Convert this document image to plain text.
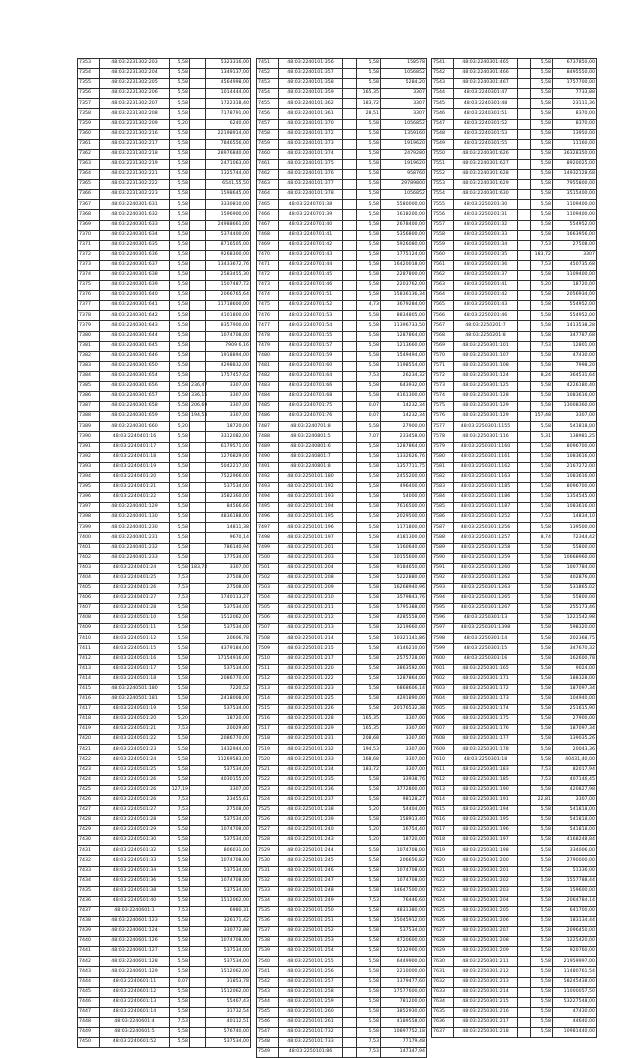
7353	48:03:2231302:203	5,58		5323316,00
7354	48:03:2231302:204	5,58		1349137,00
7355	48:03:2231302:205	5,58		4564998,00
7356	48:03:2231302:206	5,58		1014444,00
7357	48:03:2231302:207	5,58		1722318,40
7358	48:03:2231302:208	5,58		7178791,00
7359	48:03:2231302:209	5,20		6240,00
7360	48:03:2231302:216	5,58		22198914,00
7361	48:03:2231302:217	5,58		7846556,00
7362	48:03:2231302:218	5,58		28976840,00
7363	48:03:2231302:219	5,58		2471063,00
7364	48:03:2231302:221	5,58		1325744,00
7365	48:03:2231302:222	5,58		6541,55,50
7366	48:03:2231302:223	5,58		1598645,00
7367	48:03:2240301:631	5,58		3330810,00
7368	48:03:2240301:632	5,58		1596900,00
7369	48:03:2240301:633	5,58		24988661,00
7370	48:03:2240301:634	5,58		5374400,00
7371	48:03:2240301:635	5,58		8716505,00
7372	48:03:2240301:636	5,58		9268300,00
7373	48:03:2240301:637	5,58		13433672,76
7374	48:03:2240301:638	5,58		2583455,30
7375	48:03:2240301:639	5,58		1507487,72
7376	48:03:2240301:640	5,58		2066765,64
7377	48:03:2240301:641	5,58		11718600,00
7378	48:03:2240301:642	5,58		4101800,00
7379	48:03:2240301:643	5,58		8357900,00
7380	48:03:2240301:644	5,58		1074708,00
7381	48:03:2240301:645	5,58		7909 6,16
7382	48:03:2240301:646	5,58		1918894,00
7383	48:03:2240301:650	5,58		4298832,00
7384	48:03:2240301:654	5,58		1757457,62
7385	48:03:2240301:656	5,58	236,47	3307,00
7386	48:03:2240301:657	5,58	336,15	3307,00
7387	48:03:2240301:658	5,58	206,69	3307,00
7388	48:03:2240301:659	5,58	194,53	3307,00
7389	48:03:2240301:660	5,20		18720,00
7390	48:03:2240401:16	5,58		3312082,00
7391	48:03:2240401:17	5,58		6179571,00
7392	48:03:2240401:18	5,58		1276829,00
7393	48:03:2240401:19	5,58		5042217,00
7394	48:03:2240401:20	5,58		7522966,00
7395	48:03:2240401:21	5,58		537534,00
7396	48:03:2240401:22	5,58		3582360,00
7397	48:03:2240401:129	5,58		84566,66
7398	48:03:2240401:130	5,58		4836188,00
7399	48:03:2240401:230	5,58		14811,38
7400	48:03:2240401:231	5,58		9670,14
7401	48:03:2240401:232	5,58		786140,94
7402	48:03:2240401:233	5,58		177534,00
7403	48:03:2240401:24	5,58	183,72	3307,00
7404	48:03:2240401:25	7,53		27508,00
7405	48:03:2240401:26	7,53		27508,00
7406	48:03:2240401:27	7,53		1740113,27
7407	48:03:2240401:28	5,58		537534,00
7408	48:03:2240501:10	5,58		1512062,00
7409	48:03:2240501:11	5,58		537534,00
7410	48:03:2240501:12	5,58		20606,78
7411	48:03:2240501:15	5,58		4379184,00
7412	48:03:2240501:16	5,58		17154916,00
7413	48:03:2240501:17	5,58		537534,00
7414	48:03:2240501:18	5,58		2086770,00
7415	48:03:2240501:180	5,58		7220,52
7416	48:03:2240501:181	5,58		2418008,00
7417	48:03:2240501:19	5,58		537534,00
7418	48:03:2240501:20	5,20		18720,00
7419	48:03:2240501:21	7,53		20029,80
7420	48:03:2240501:22	5,58		2086770,00
7421	48:03:2240501:23	5,58		1432944,00
7422	48:03:2240501:24	5,58		11269583,00
7423	48:03:2240501:25	5,58		537534,00
7424	48:03:2240501:26	5,58		4030155,00
7425	48:03:2240501:26	127,19		3307,00
7426	48:03:2240501:26	7,53		23455,61
7427	48:03:2240501:27	7,53		27508,00
7428	48:03:2240501:28	5,58		537534,00
7429	48:03:2240501:29	5,58		1074708,00
7430	48:03:2240501:30	5,58		537534,00
7431	48:03:2240501:32	5,58		806031,00
7432	48:03:2240501:33	5,58		1074708,00
7433	48:03:2240501:34	5,58		537534,00
7434	48:03:2240501:36	5,58		1074708,00
7435	48:03:2240501:38	5,58		537534,00
7436	48:03:2240501:40	5,58		1512062,00
7437	48:03:2240601:1	7,53		6980,31
7438	48:03:2240601:123	5,58		326171,42
7439	48:03:2240601:124	5,58		330772,88
7440	48:03:2240601:126	5,58		1074708,00
7441	48:03:2240601:127	5,58		537534,00
7442	48:03:2240601:128	5,58		537534,00
7443	48:03:2240601:129	5,58		1512062,00
7444	48:03:2240601:11	0,07		31853,78
7445	48:03:2240601:12	5,58		1512062,00
7446	48:03:2240601:13	5,58		55467,43
7447	48:03:2240601:14	5,58		31732,54
7448	48:03:2240601:4	7,53		40112,51
7449	48:03:2240601:5	5,58		576740,00
7450	48:03:2240601:52	5,58		537534,00
7451	48:03:2240101:356		5,58	158578
7452	48:03:2240101:357		5,58	1056852
7453	48:03:2240101:358		5,58	5284,20
7454	48:03:2240101:359		165,35	3307
7455	48:03:2240101:362		183,72	3307
7456	48:03:2240101:361		28,51	3307
7457	48:03:2240101:370		5,58	1056852
7458	48:03:2240101:372		5,58	1359160
7459	48:03:2240101:373		5,58	1919620
7460	48:03:2240101:374		5,58	2479280
7461	48:03:2240101:375		5,58	1919620
7462	48:03:2240101:376		5,58	958760
7463	48:03:2240101:377		5,58	29789800
7464	48:03:2240101:378		5,58	1056852
7465	48:03:2240701:38		5,58	5580000,00
7466	48:03:2240701:39		5,58	1618200,00
7467	48:03:2240701:40		5,58	2678400,00
7468	48:03:2240701:41		5,58	5356800,00
7469	48:03:2240701:42		5,58	5926080,00
7470	48:03:2240701:43		5,58	1775124,00
7471	48:03:2240701:44		5,58	16420018,00
7472	48:03:2240701:45		5,58	2287800,00
7473	48:03:2240701:46		5,58	2203762,00
7474	48:03:2240701:51		5,58	15836136,34
7475	48:03:2240701:52		4,73	3679284,00
7476	48:03:2240701:53		5,58	8834805,00
7477	48:03:2240701:54		5,58	11396733,50
7478	48:03:2240701:55		5,58	1287864,00
7479	48:03:2240701:57		5,58	1213660,00
7480	48:03:2240701:59		5,58	1549494,00
7481	48:03:2240701:60		5,58	1198554,00
7482	48:03:2240701:64		7,53	26234,32
7483	48:03:2240701:66		5,58	643932,00
7484	48:03:2240701:68		5,58	4161300,00
7485	48:03:2240701:75		0,07	14232,34
7486	48:03:2240701:76		0,07	14232,34
7487	48:03:2240701:8		5,58	27900,00
7488	48:03:2240801:5		7,07	233458,00
7489	48:03:2240801:6		5,58	1287864,00
7490	48:03:2240801:7		5,58	1332626,76
7491	48:03:2240801:8		5,58	1357711,75
7492	48:03:2250101:180		5,58	2455200,00
7493	48:03:2250101:192		5,58	496400,00
7494	48:03:2250101:193		5,58	54000,00
7495	48:03:2250101:194		5,58	7616500,00
7496	48:03:2250101:195		5,58	2029500,00
7497	48:03:2250101:196		5,58	1171800,00
7498	48:03:2250101:197		5,58	4181300,00
7499	48:03:2250101:201		5,58	1160640,00
7500	48:03:2250101:203		5,58	10155600,00
7501	48:03:2250101:204		5,58	9184650,00
7502	48:03:2250101:208		5,58	5222880,00
7503	48:03:2250101:209		5,58	16268940,96
7504	48:03:2250101:210		5,58	3579843,76
7505	48:03:2250101:211		5,58	5795388,00
7506	48:03:2250101:212		5,58	4285558,00
7507	48:03:2250101:213		5,58	3219660,00
7508	48:03:2250101:214		5,58	10321141,86
7509	48:03:2250101:215		5,58	4146210,00
7510	48:03:2250101:217		5,58	2575728,00
7511	48:03:2250101:220		5,58	3863592,00
7512	48:03:2250101:222		5,58	1287864,00
7513	48:03:2250101:223		5,58	6868606,14
7514	48:03:2250101:225		5,58	4291890,00
7515	48:03:2250101:226		5,58	20176532,38
7516	48:03:2250101:228		165,35	3307,00
7517	48:03:2250101:229		165,35	3307,00
7518	48:03:2250101:231		208,68	3307,00
7519	48:03:2250101:232		194,53	3307,00
7520	48:03:2250101:233		168,68	3307,00
7521	48:03:2250101:234		183,72	3307,00
7522	48:03:2250101:235		5,58	33938,76
7523	48:03:2250101:236		5,58	3772800,00
7524	48:03:2250101:237		5,58	98128,27
7525	48:03:2250101:238		5,20	54404,00
7526	48:03:2250101:239		5,58	158913,40
7527	48:03:2250101:240		5,20	16754,40
7528	48:03:2250101:243		5,20	18720,00
7529	48:03:2250101:244		5,58	1074708,00
7530	48:03:2250101:245		5,58	206656,82
7531	48:03:2250101:246		5,58	1074708,00
7532	48:03:2250101:247		5,58	1074708,00
7533	48:03:2250101:248		5,58	14647500,00
7534	48:03:2250101:249		7,53	76446,60
7535	48:03:2250101:250		5,58	4831380,00
7536	48:03:2250101:251		5,58	15045912,00
7537	48:03:2250101:252		5,58	537534,00
7538	48:03:2250101:253		5,58	4720600,00
7539	48:03:2250101:254		5,58	5232900,00
7540	48:03:2250101:255		5,58	6449900,00
7541	48:03:2250101:256		5,58	2210000,00
7542	48:03:2250101:257		5,58	1379477,60
7543	48:03:2250101:258		5,58	17577600,00
7544	48:03:2250101:259		5,58	781200,00
7545	48:03:2250101:260		5,58	3852930,00
7546	48:03:2250101:261		5,58	4189558,00
7547	48:03:2250101:732		5,58	10897752,18
7548	48:03:2250101:733		7,53	77179,48
7549	48:03:2250101:86		7,53	147347,94
7541	48:03:2240301:465		5,58	6737850,00
7542	48:03:2240301:466		5,58	8495550,00
7543	48:03:2240301:467		5,58	1757700,00
7544	48:03:2240301:47		5,58	7733,88
7545	48:03:2240301:48		5,58	23111,36
7546	48:03:2240301:51		5,58	8370,00
7547	48:03:2240301:52		5,58	8370,00
7548	48:03:2240301:53		5,58	13950,00
7549	48:03:2240301:55		5,58	11160,00
7550	48:03:2240301:626		5,58	36328350,00
7551	48:03:2240301:627		5,58	8920025,00
7552	48:03:2240301:628		5,58	14932128,68
7553	48:03:2240301:629		5,58	7955800,00
7554	48:03:2240301:630		5,58	3515400,00
7555	48:03:2250201:30		5,58	1109400,00
7556	48:03:2250201:31		5,58	1109400,00
7557	48:03:2250201:32		5,58	554952,00
7558	48:03:2250201:33		5,58	1663956,00
7559	48:03:2250201:34		7,53	27508,00
7560	48:03:2250201:35		183,72	3307
7561	48:03:2250201:36		7,53	450735,68
7562	48:03:2250201:37		5,58	1109400,00
7563	48:03:2250201:41		5,20	18720,00
7564	48:03:2250201:42		5,58	2056934,00
7565	48:03:2250201:43		5,58	554952,00
7566	48:03:2250201:46		5,58	554952,00
7567	48:03:2250201:7		5,58	1413538,28
7568	48:03:2250201:8		5,58	347787,68
7569	48:03:2250301:101		7,53	12801,00
7570	48:03:2250301:107		5,58	47430,00
7571	48:03:2250301:108		5,58	7998,20
7572	48:03:2250301:124		8,24	364531,64
7573	48:03:2250301:125		5,58	4226180,40
7574	48:03:2250301:128		5,58	1083616,00
7575	48:03:2250301:129		5,58	13008360,00
7576	48:03:2250301:129		157,48	3307,00
7577	48:03:2250301:1155		5,58	541818,00
7578	48:03:2250301:116		5,31	138981,25
7579	48:03:2250301:1160		5,58	8096700,00
7580	48:03:2250301:1161		5,58	1083616,00
7581	48:03:2250301:1162		5,58	2167272,00
7582	48:03:2250301:1163		5,58	1083616,00
7583	48:03:2250301:1185		5,58	8096700,00
7584	48:03:2250301:1186		5,58	1354545,00
7585	48:03:2250301:1187		5,58	1083616,00
7586	48:03:2250301:1252		7,53	14834,10
7587	48:03:2250301:1256		5,58	139500,00
7588	48:03:2250301:1257		8,74	72344,42
7589	48:03:2250301:1258		5,58	55800,00
7590	48:03:2250301:1259		5,58	10668960,00
7591	48:03:2250301:1260		5,58	1007784,00
7592	48:03:2250301:1262		5,58	402876,00
7593	48:03:2250301:1263		5,58	531865,02
7594	48:03:2250301:1265		5,58	55800,00
7595	48:03:2250301:1267		5,58	255173,46
7596	48:03:2250301:13		5,58	1221542,98
7597	48:03:2250301:1398		5,58	598320,00
7598	48:03:2250301:14		5,58	202368,75
7599	48:03:2250301:15		5,58	347670,32
7600	48:03:2250301:16		5,58	162600,78
7601	48:03:2250301:165		5,58	9024,00
7602	48:03:2250301:171		5,58	188328,00
7603	48:03:2250301:172		5,58	187097,34
7604	48:03:2250301:173		5,58	104940,00
7605	48:03:2250301:174		5,58	251615,90
7606	48:03:2250301:175		5,58	27900,00
7607	48:03:2250301:176		5,58	187097,34
7608	48:03:2250301:177		5,58	139035,26
7609	48:03:2250301:178		5,58	20043,36
7610	48:03:2250301:18		5,58	40431,40,00
7611	48:03:2250301:183		7,53	82017,94
7612	48:03:2250301:185		7,53	407146,45
7613	48:03:2250301:190		5,58	420827,98
7614	48:03:2250301:191		22,81	3307,00
7615	48:03:2250301:194		5,58	541818,00
7616	48:03:2250301:195		5,58	541818,00
7617	48:03:2250301:196		5,58	541818,00
7618	48:03:2250301:197		5,58	4168248,84
7619	48:03:2250301:198		5,58	334006,00
7620	48:03:2250301:200		5,58	2790000,00
7621	48:03:2250301:201		5,58	51336,00
7622	48:03:2250301:202		5,58	1557788,44
7623	48:03:2250301:203		5,58	159600,00
7624	48:03:2250301:204		5,58	2064784,14
7625	48:03:2250301:205		5,58	641700,00
7626	48:03:2250301:206		5,58	183134,44
7627	48:03:2250301:207		5,58	2096450,00
7628	48:03:2250301:208		5,58	1225420,00
7629	48:03:2250301:209		5,58	920760,00
7630	48:03:2250301:211		5,58	21959997,00
7631	48:03:2250301:212		5,58	11480761,54
7632	48:03:2250301:213		5,58	58245438,00
7633	48:03:2250301:214		5,58	11000057,50
7634	48:03:2250301:215		5,58	53227548,00
7635	48:03:2250301:216		5,58	47430,00
7636	48:03:2250301:217		5,58	44640,00
7637	48:03:2250301:218		5,58	10981440,00
